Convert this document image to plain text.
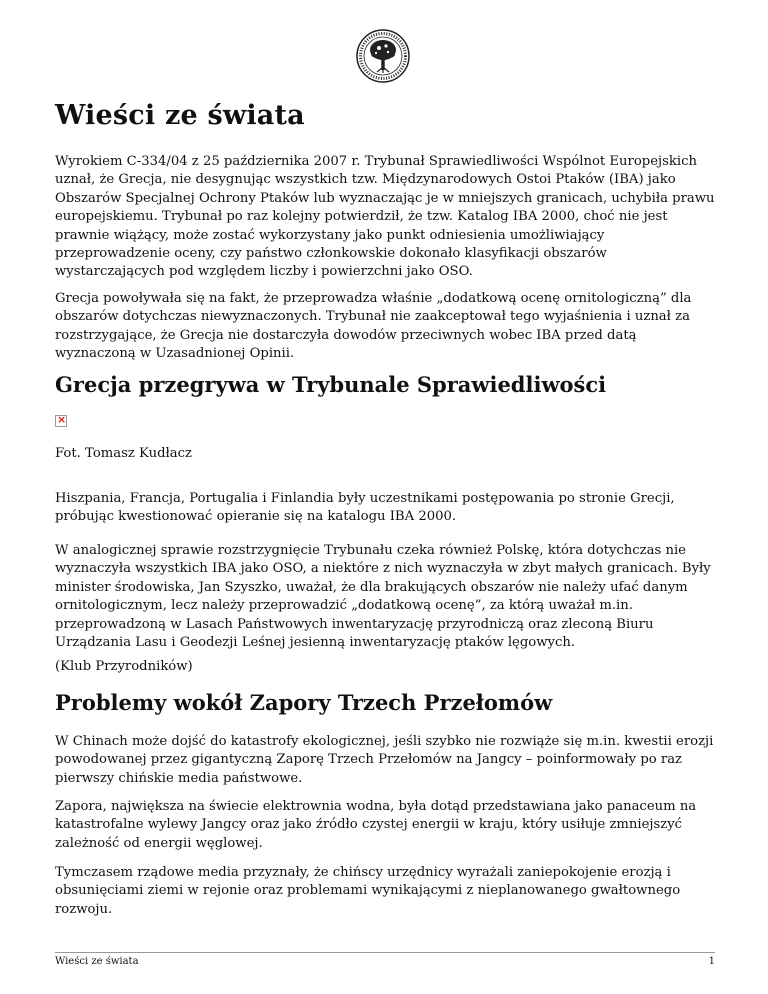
Wieści ze świata

Wyrokiem C-334/04 z 25 października 2007 r. Trybunał Sprawiedliwości Wspólnot Europejskich uznał, że Grecja, nie desygnując wszystkich tzw. Międzynarodowych Ostoi Ptaków (IBA) jako Obszarów Specjalnej Ochrony Ptaków lub wyznaczając je w mniejszych granicach, uchybiła prawu europejskiemu. Trybunał po raz kolejny potwierdził, że tzw. Katalog IBA 2000, choć nie jest prawnie wiążący, może zostać wykorzystany jako punkt odniesienia umożliwiający przeprowadzenie oceny, czy państwo członkowskie dokonało klasyfikacji obszarów wystarczających pod względem liczby i powierzchni jako OSO.

Grecja powoływała się na fakt, że przeprowadza właśnie „dodatkową ocenę ornitologiczną” dla obszarów dotychczas niewyznaczonych. Trybunał nie zaakceptował tego wyjaśnienia i uznał za rozstrzygające, że Grecja nie dostarczyła dowodów przeciwnych wobec IBA przed datą wyznaczoną w Uzasadnionej Opinii.

Grecja przegrywa w Trybunale Sprawiedliwości
×

Fot. Tomasz Kudłacz

Hiszpania, Francja, Portugalia i Finlandia były uczestnikami postępowania po stronie Grecji, próbując kwestionować opieranie się na katalogu IBA 2000.

W analogicznej sprawie rozstrzygnięcie Trybunału czeka również Polskę, która dotychczas nie wyznaczyła wszystkich IBA jako OSO, a niektóre z nich wyznaczyła w zbyt małych granicach. Były minister środowiska, Jan Szyszko, uważał, że dla brakujących obszarów nie należy ufać danym ornitologicznym, lecz należy przeprowadzić „dodatkową ocenę”, za którą uważał m.in. przeprowadzoną w Lasach Państwowych inwentaryzację przyrodniczą oraz zleconą Biuru Urządzania Lasu i Geodezji Leśnej jesienną inwentaryzację ptaków lęgowych.

(Klub Przyrodników)

Problemy wokół Zapory Trzech Przełomów

W Chinach może dojść do katastrofy ekologicznej, jeśli szybko nie rozwiąże się m.in. kwestii erozji powodowanej przez gigantyczną Zaporę Trzech Przełomów na Jangcy – poinformowały po raz pierwszy chińskie media państwowe.

Zapora, największa na świecie elektrownia wodna, była dotąd przedstawiana jako panaceum na katastrofalne wylewy Jangcy oraz jako źródło czystej energii w kraju, który usiłuje zmniejszyć zależność od energii węglowej.

Tymczasem rządowe media przyznały, że chińscy urzędnicy wyrażali zaniepokojenie erozją i obsunięciami ziemi w rejonie oraz problemami wynikającymi z nieplanowanego gwałtownego rozwoju.

Wieści ze świata	1
